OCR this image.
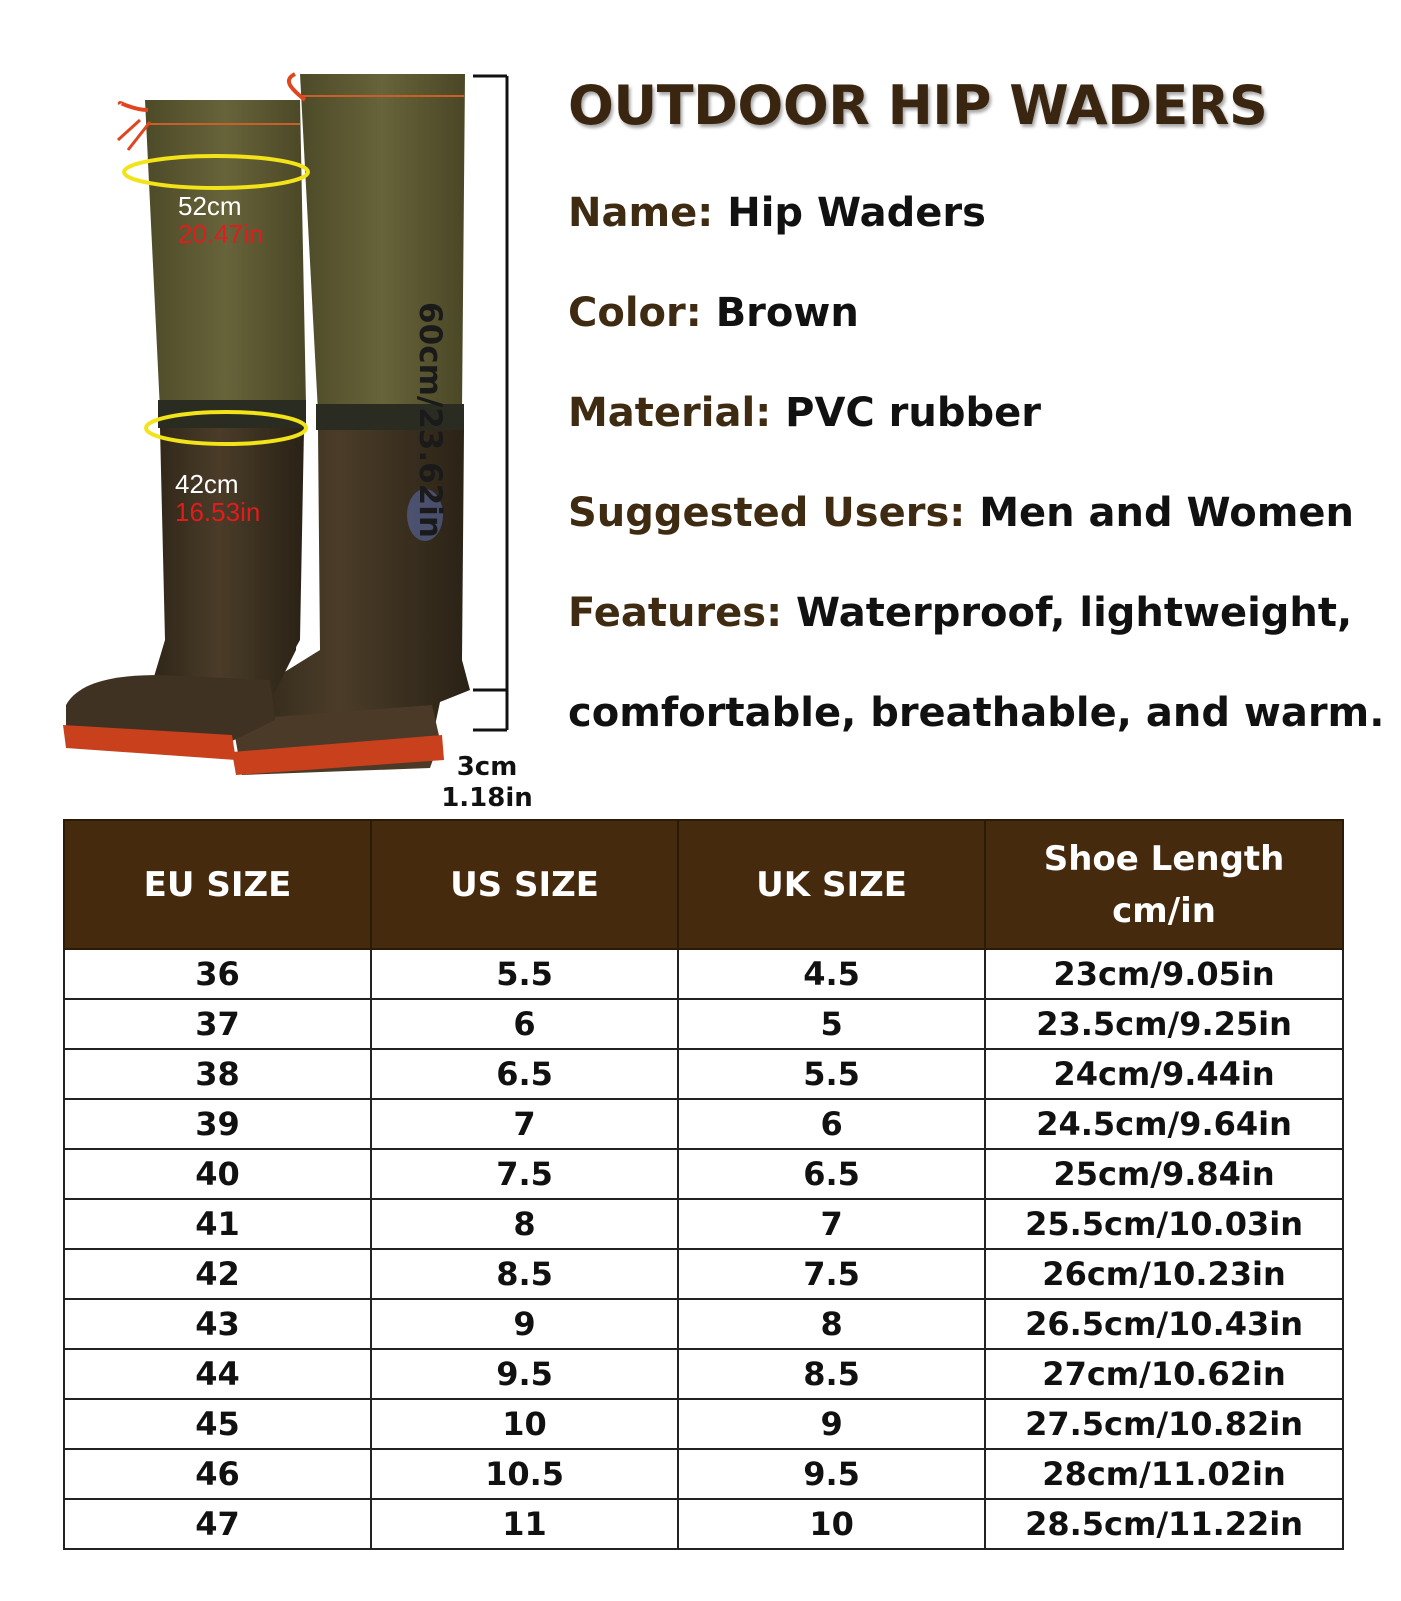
52cm
20.47in
42cm
16.53in	60cm/23.62in
3cm
1.18in
OUTDOOR HIP WADERS

Name: Hip Waders

Color: Brown

Material: PVC rubber

Suggested Users: Men and Women

Features: Waterproof, lightweight,

comfortable, breathable, and warm.

EU SIZE	US SIZE	UK SIZE	Shoe Length
cm/in

36	5.5	4.5	23cm/9.05in
37	6	5	23.5cm/9.25in
38	6.5	5.5	24cm/9.44in
39	7	6	24.5cm/9.64in
40	7.5	6.5	25cm/9.84in
41	8	7	25.5cm/10.03in
42	8.5	7.5	26cm/10.23in
43	9	8	26.5cm/10.43in
44	9.5	8.5	27cm/10.62in
45	10	9	27.5cm/10.82in
46	10.5	9.5	28cm/11.02in
47	11	10	28.5cm/11.22in
